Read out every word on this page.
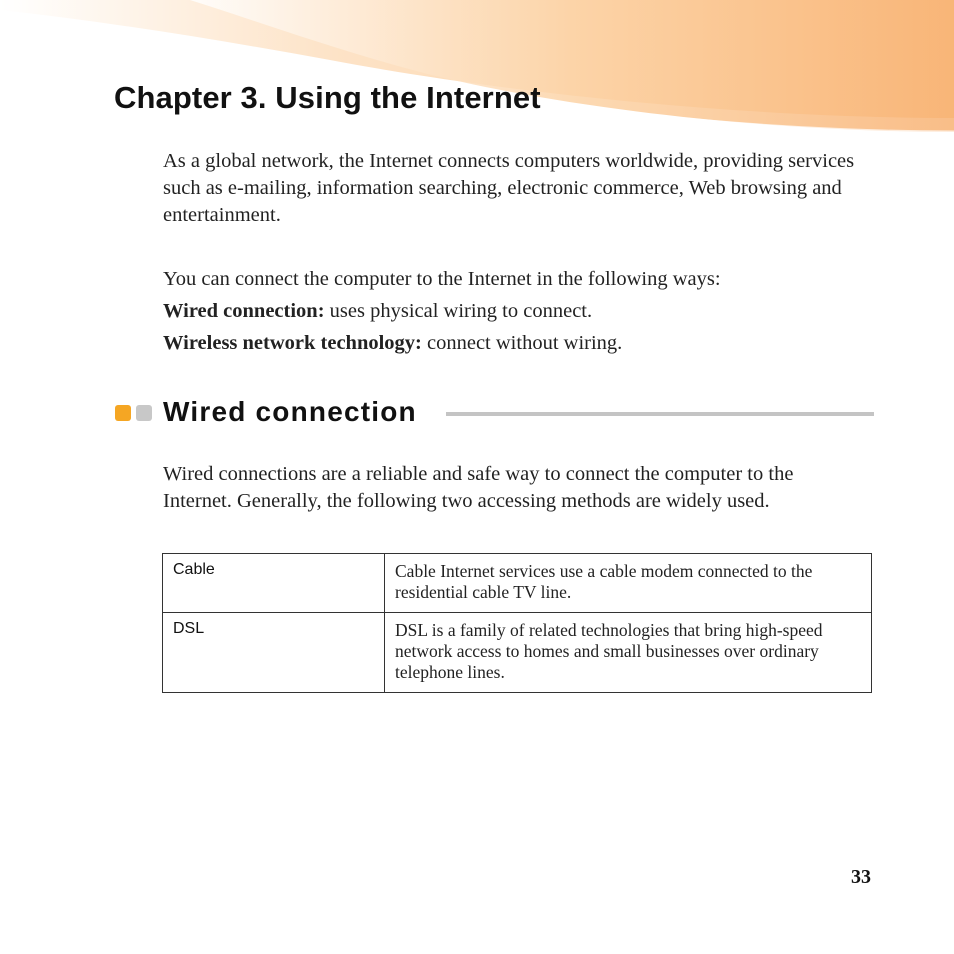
Chapter 3. Using the Internet

As a global network, the Internet connects computers worldwide, providing services such as e-mailing, information searching, electronic commerce, Web browsing and entertainment.

You can connect the computer to the Internet in the following ways:

Wired connection: uses physical wiring to connect.

Wireless network technology: connect without wiring.

Wired connection

Wired connections are a reliable and safe way to connect the computer to the Internet. Generally, the following two accessing methods are widely used.

Cable	Cable Internet services use a cable modem connected to the residential cable TV line.

DSL	DSL is a family of related technologies that bring high-speed network access to homes and small businesses over ordinary telephone lines.
33
